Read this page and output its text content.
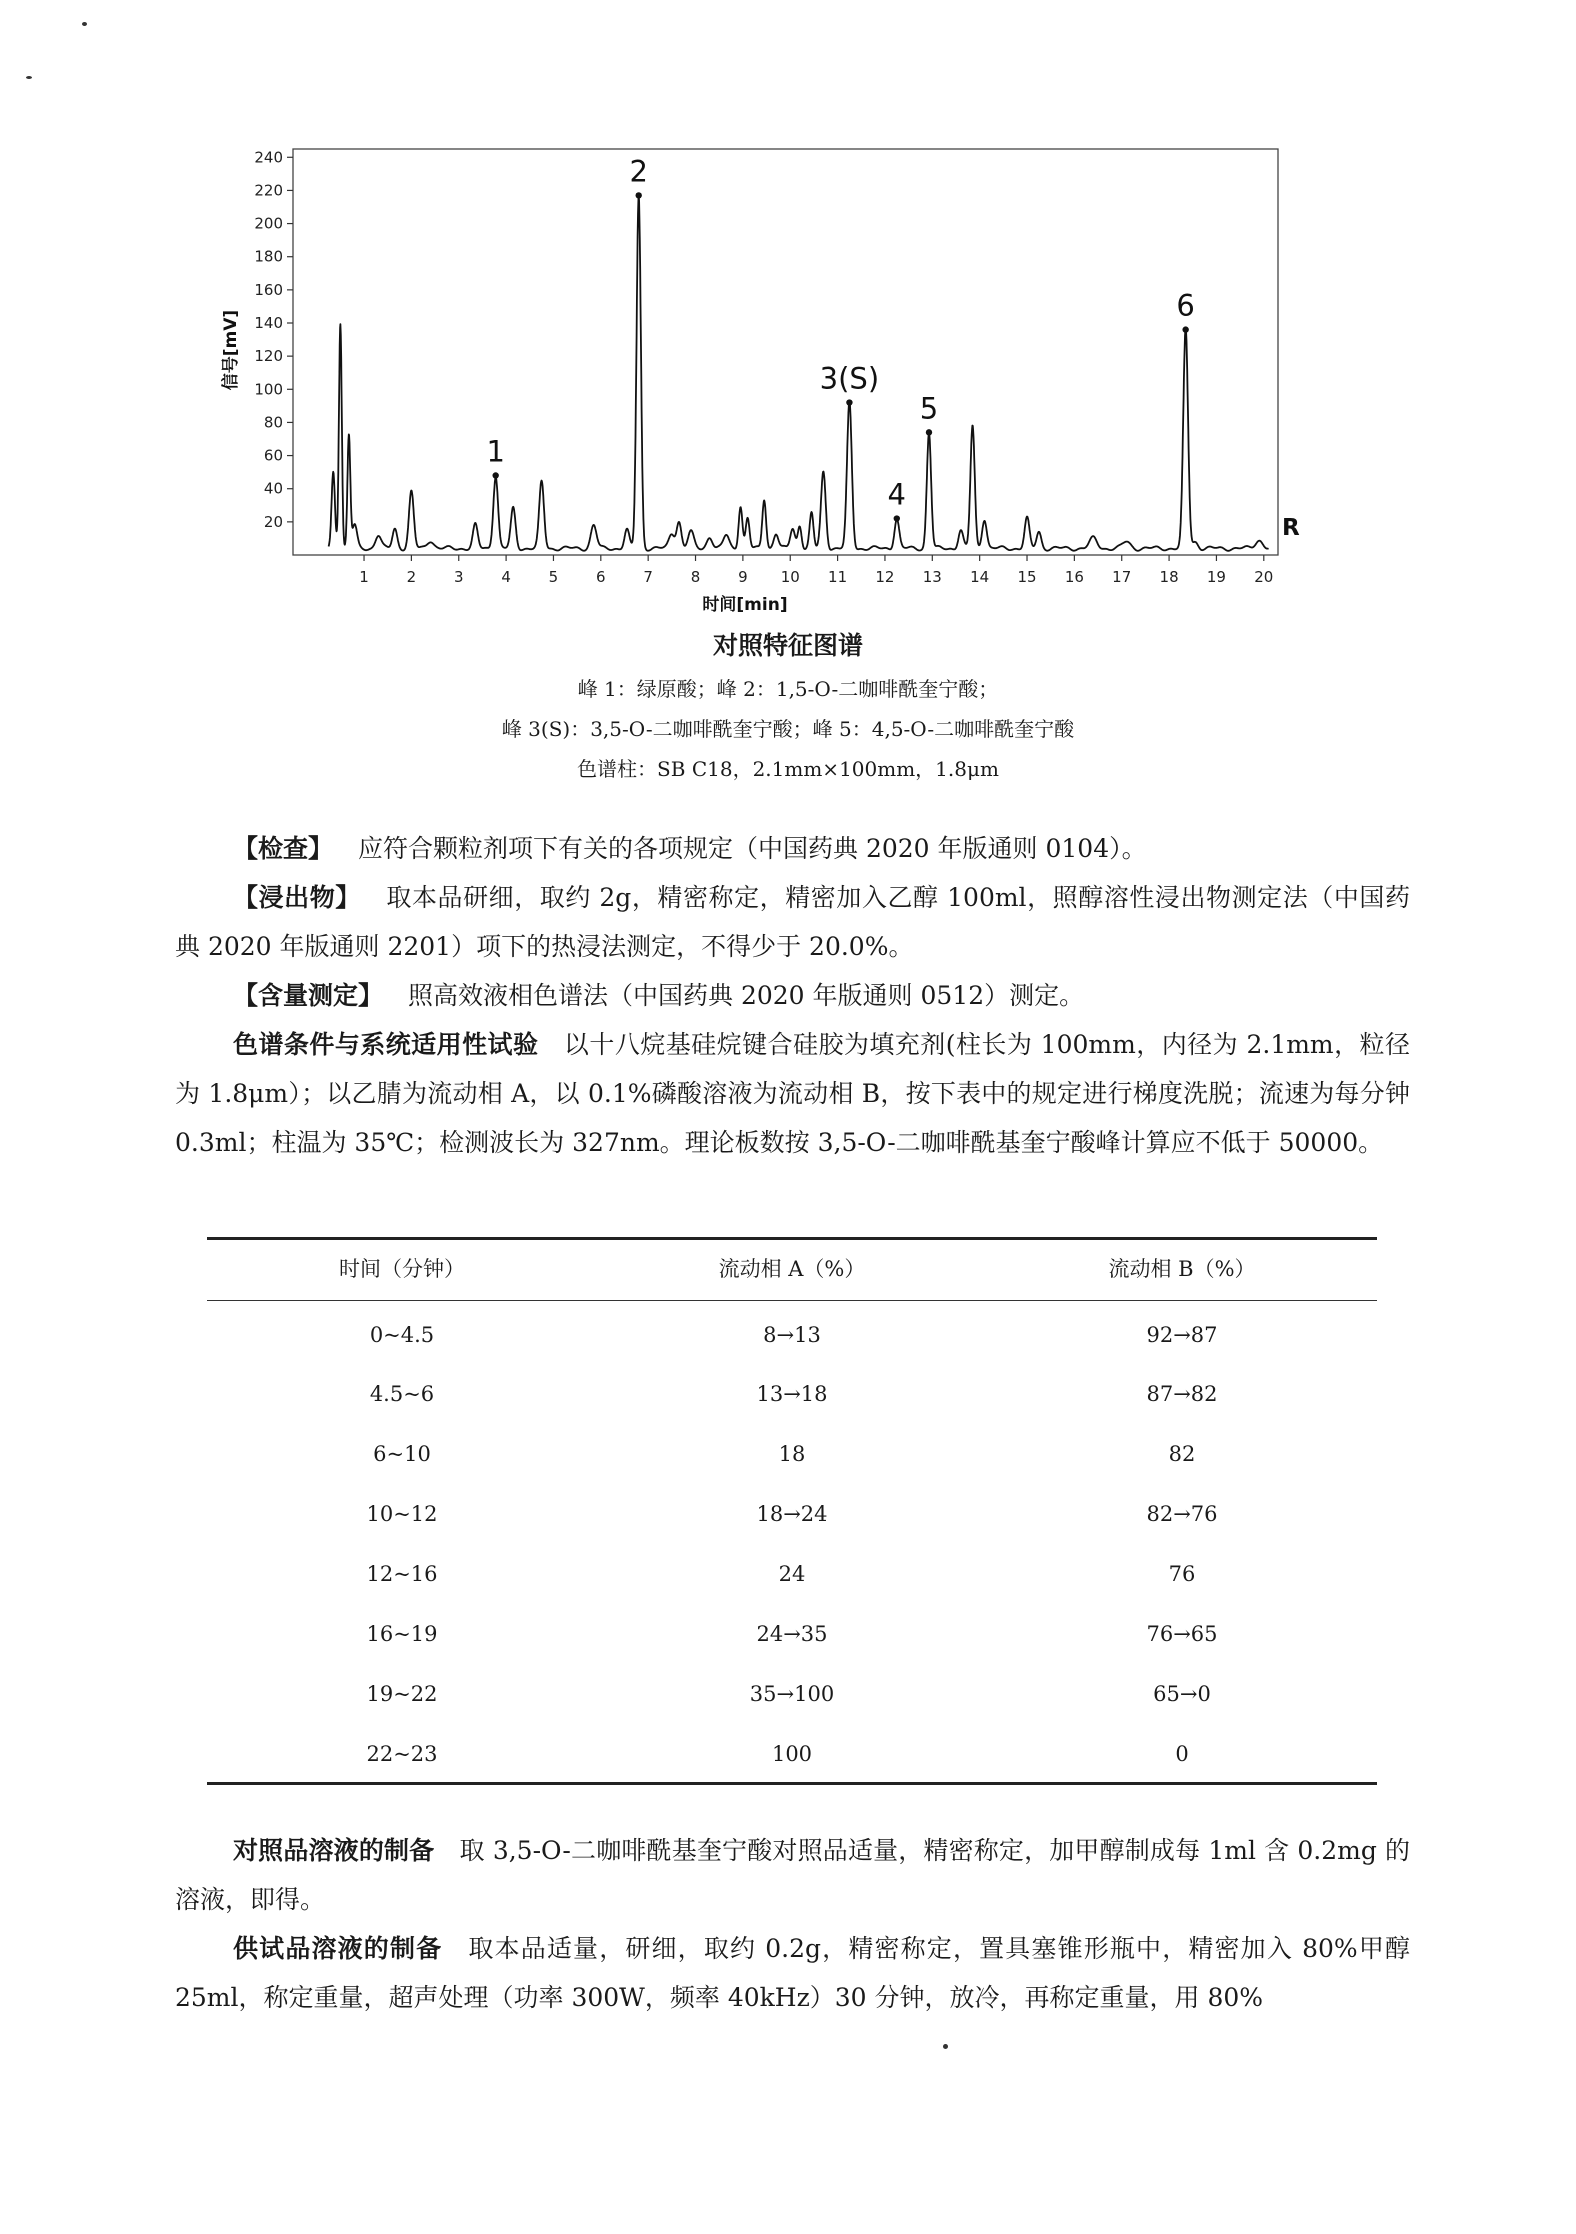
20
40
60
80
100
120
140
160
180
200
220
240
1	2	3	4	5	6	7	8	9 10 11 12 13 14 15 16 17 18 19 20
1
2
3(S)
4
5
6
信号[mV]
时间[min]
R
对照特征图谱
峰 1：绿原酸；峰 2：1,5-O-二咖啡酰奎宁酸；
峰 3(S)：3,5-O-二咖啡酰奎宁酸；峰 5：4,5-O-二咖啡酰奎宁酸
色谱柱：SB C18，2.1mm×100mm，1.8μm

【检查】  应符合颗粒剂项下有关的各项规定（中国药典 2020 年版通则 0104）。

【浸出物】  取本品研细，取约 2g，精密称定，精密加入乙醇 100ml，照醇溶性浸出物测定法（中国药典 2020 年版通则 2201）项下的热浸法测定，不得少于 20.0%。

【含量测定】  照高效液相色谱法（中国药典 2020 年版通则 0512）测定。

色谱条件与系统适用性试验  以十八烷基硅烷键合硅胶为填充剂(柱长为 100mm，内径为 2.1mm，粒径为 1.8μm）；以乙腈为流动相 A，以 0.1%磷酸溶液为流动相 B，按下表中的规定进行梯度洗脱；流速为每分钟 0.3ml；柱温为 35℃；检测波长为 327nm。理论板数按 3,5-O-二咖啡酰基奎宁酸峰计算应不低于 50000。

时间（分钟）	流动相 A（%）	流动相 B（%）
0~4.5	8→13	92→87
4.5~6	13→18	87→82
6~10	18	82
10~12	18→24	82→76
12~16	24	76
16~19	24→35	76→65
19~22	35→100	65→0
22~23	100	0

对照品溶液的制备  取 3,5-O-二咖啡酰基奎宁酸对照品适量，精密称定，加甲醇制成每 1ml 含 0.2mg 的溶液，即得。

供试品溶液的制备  取本品适量，研细，取约 0.2g，精密称定，置具塞锥形瓶中，精密加入 80%甲醇 25ml，称定重量，超声处理（功率 300W，频率 40kHz）30 分钟，放冷，再称定重量，用 80%
